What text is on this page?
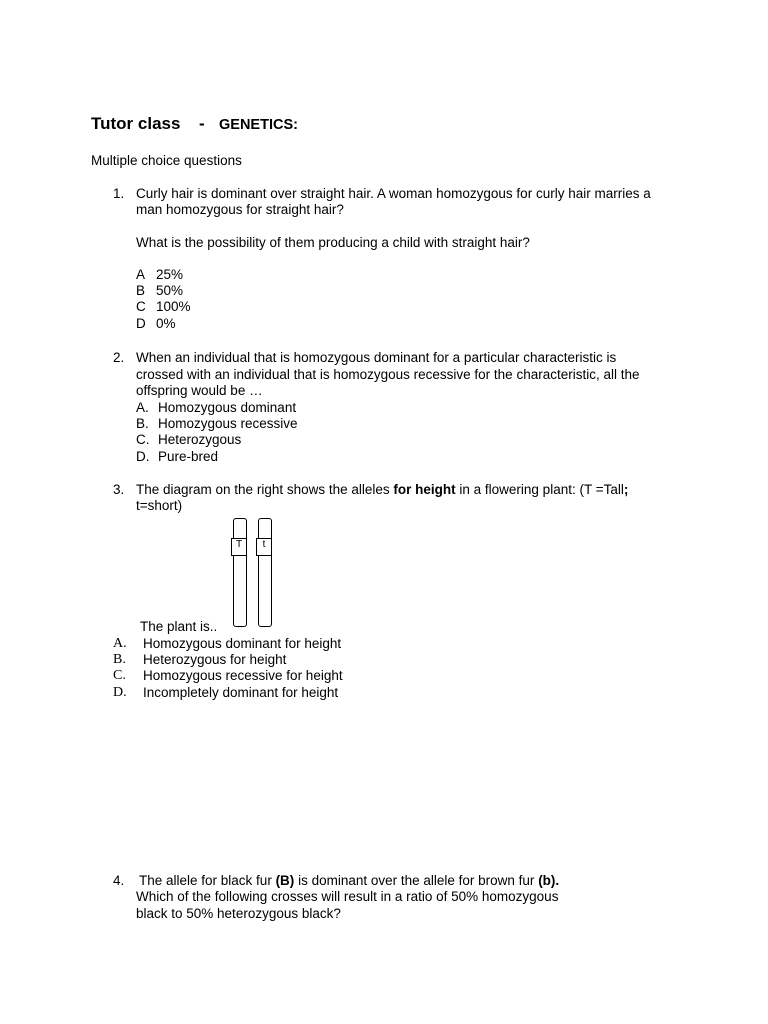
Tutor class - GENETICS:
Multiple choice questions
1. Curly hair is dominant over straight hair. A woman homozygous for curly hair marries a
man homozygous for straight hair?
What is the possibility of them producing a child with straight hair?
A 25%
B 50%
C 100%
D 0%
2. When an individual that is homozygous dominant for a particular characteristic is
crossed with an individual that is homozygous recessive for the characteristic, all the
offspring would be …
A. Homozygous dominant
B. Homozygous recessive
C. Heterozygous
D. Pure-bred
3. The diagram on the right shows the alleles for height in a flowering plant: (T =Tall;
t=short)
T	t
The plant is..
A. Homozygous dominant for height
B. Heterozygous for height
C. Homozygous recessive for height
D. Incompletely dominant for height
4. The allele for black fur (B) is dominant over the allele for brown fur (b).
Which of the following crosses will result in a ratio of 50% homozygous
black to 50% heterozygous black?
